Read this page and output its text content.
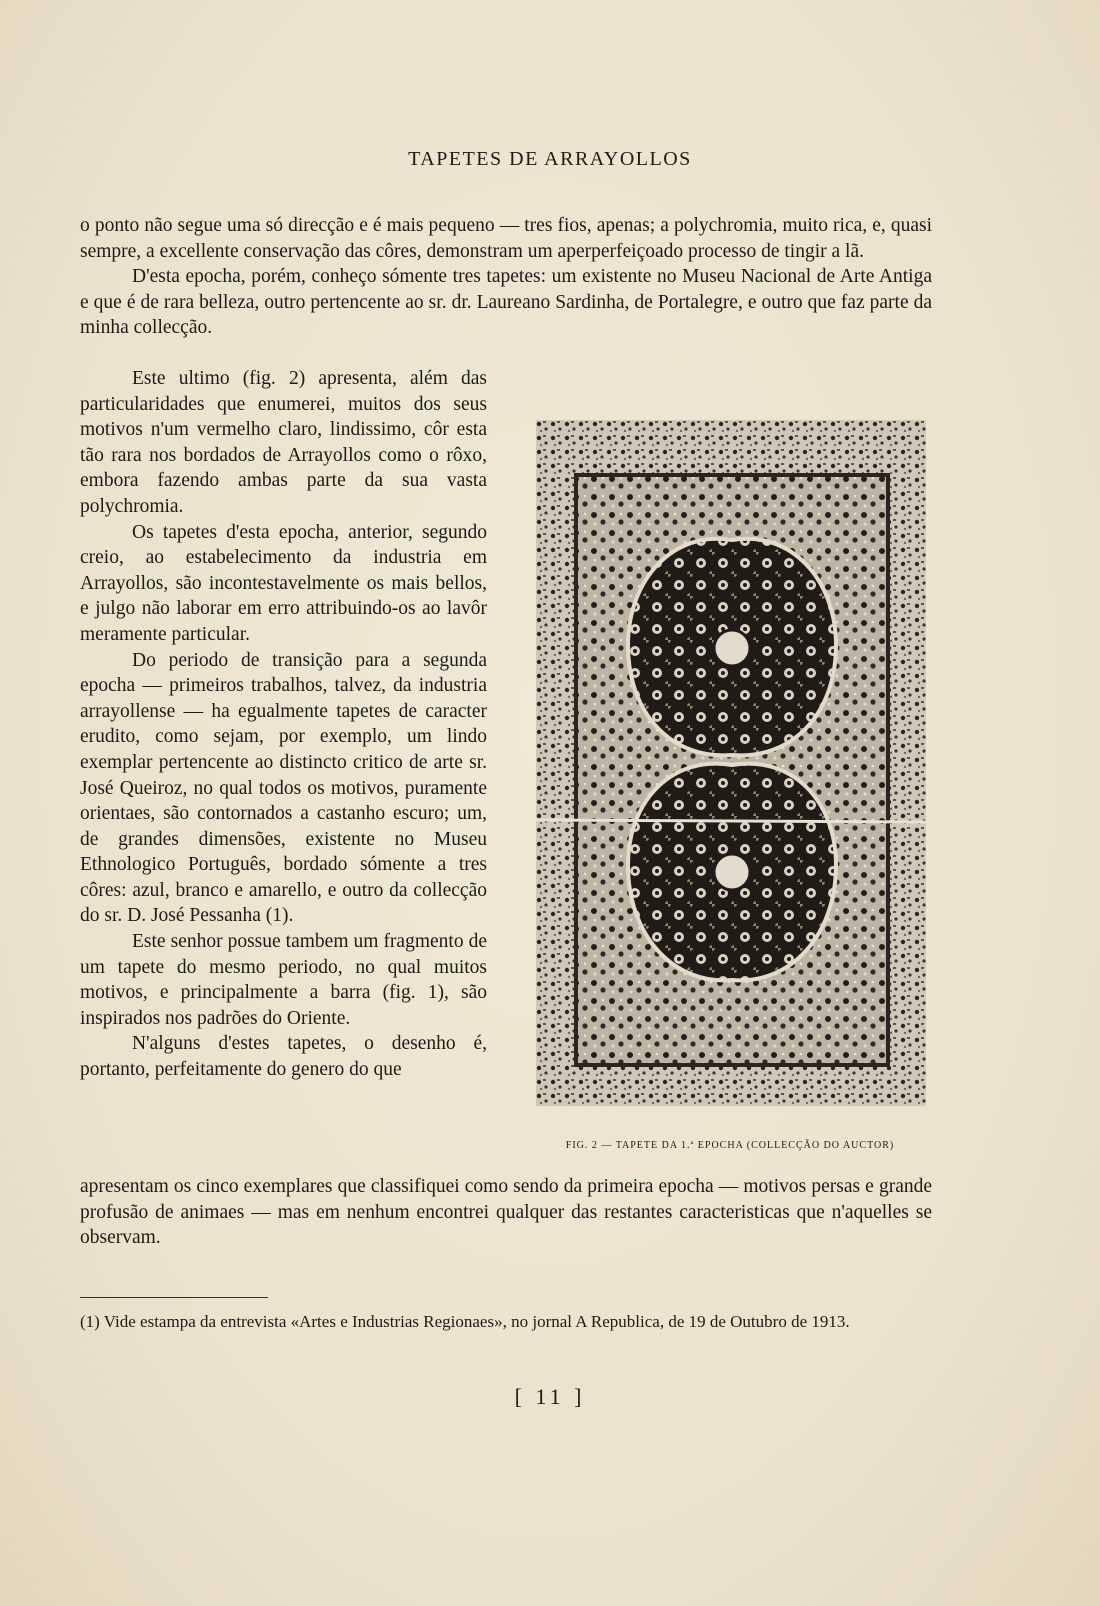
TAPETES DE ARRAYOLLOS

o ponto não segue uma só direcção e é mais pequeno — tres fios, apenas; a polychromia, muito rica, e, quasi sempre, a excellente conservação das côres, demonstram um aperperfeiçoado processo de tingir a lã.

D'esta epocha, porém, conheço sómente tres tapetes: um existente no Museu Nacional de Arte Antiga e que é de rara belleza, outro pertencente ao sr. dr. Laureano Sardinha, de Portalegre, e outro que faz parte da minha collecção.

Este ultimo (fig. 2) apresenta, além das particularidades que enumerei, muitos dos seus motivos n'um vermelho claro, lindissimo, côr esta tão rara nos bordados de Arrayollos como o rôxo, embora fazendo ambas parte da sua vasta polychromia.

Os tapetes d'esta epocha, anterior, segundo creio, ao estabelecimento da industria em Arrayollos, são incontestavelmente os mais bellos, e julgo não laborar em erro attribuindo-os ao lavôr meramente particular.

Do periodo de transição para a segunda epocha — primeiros trabalhos, talvez, da industria arrayollense — ha egualmente tapetes de caracter erudito, como sejam, por exemplo, um lindo exemplar pertencente ao distincto critico de arte sr. José Queiroz, no qual todos os motivos, puramente orientaes, são contornados a castanho escuro; um, de grandes dimensões, existente no Museu Ethnologico Português, bordado sómente a tres côres: azul, branco e amarello, e outro da collecção do sr. D. José Pessanha (1).

Este senhor possue tambem um fragmento de um tapete do mesmo periodo, no qual muitos motivos, e principalmente a barra (fig. 1), são inspirados nos padrões do Oriente.

N'alguns d'estes tapetes, o desenho é, portanto, perfeitamente do genero do que

apresentam os cinco exemplares que classifiquei como sendo da primeira epocha — motivos persas e grande profusão de animaes — mas em nenhum encontrei qualquer das restantes caracteristicas que n'aquelles se observam.

FIG. 2 — TAPETE DA 1.ª EPOCHA (COLLECÇÃO DO AUCTOR)
(1) Vide estampa da entrevista «Artes e Industrias Regionaes», no jornal A Republica, de 19 de Outubro de 1913.
[ 11 ]
